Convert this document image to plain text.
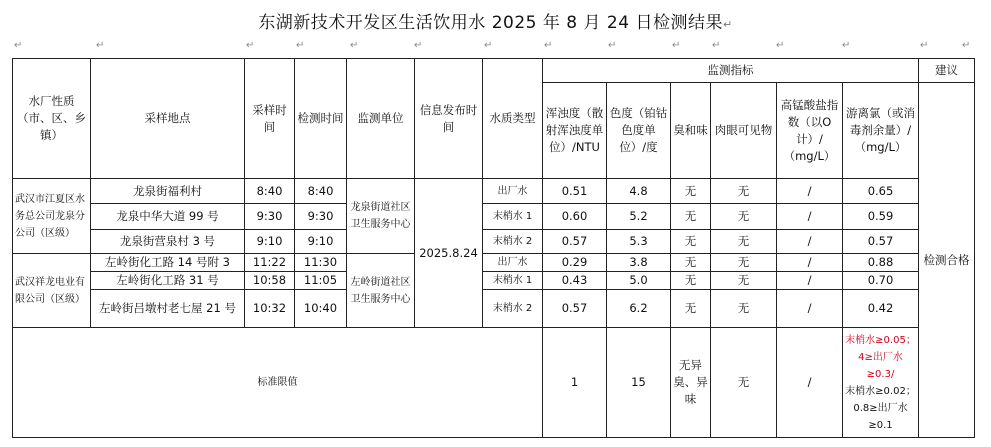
东湖新技术开发区生活饮用水 2025 年 8 月 24 日检测结果↵
↵	↵	↵	↵	↵	↵	↵	↵	↵	↵	↵	↵	↵	↵	↵
水厂性质（市、区、乡镇）	采样地点	采样时间	检测时间	监测单位	信息发布时间	水质类型	监测指标						建议
							浑浊度（散射浑浊度单位）/NTU	色度（铂钴色度单位）/度	臭和味	肉眼可见物	高锰酸盐指数（以O计）/（mg/L）	游离氯（或消毒剂余量）/（mg/L）	检测合格
武汉市江夏区水务总公司龙泉分公司（区级）	龙泉街福利村	8:40	8:40	龙泉街道社区卫生服务中心	2025.8.24	出厂水	0.51	4.8	无	无	/	0.65	
	龙泉中华大道 99 号	9:30	9:30			末梢水 1	0.60	5.2	无	无	/	0.59	
	龙泉街营泉村 3 号	9:10	9:10			末梢水 2	0.57	5.3	无	无	/	0.57	
武汉祥龙电业有限公司（区级）	左岭街化工路 14 号附 3	11:22	11:30	左岭街道社区卫生服务中心		出厂水	0.29	3.8	无	无	/	0.88	
	左岭街化工路 31 号	10:58	11:05			末梢水 1	0.43	5.0	无	无	/	0.70	
	左岭街吕墩村老七屋 21 号	10:32	10:40			末梢水 2	0.57	6.2	无	无	/	0.42	
标准限值							1	15	无异臭、异味	无	/	末梢水≥0.05；4≥出厂水≥0.3/
末梢水≥0.02；0.8≥出厂水≥0.1	
